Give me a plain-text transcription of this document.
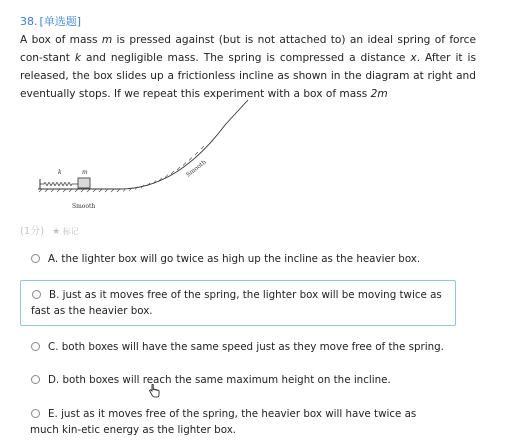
38. [单选题]
A box of mass m is pressed against (but is not attached to) an ideal spring of force con-stant k and negligible mass. The spring is compressed a distance x. After it is released, the box slides up a frictionless incline as shown in the diagram at right and eventually stops. If we repeat this experiment with a box of mass 2m
k	m
Smooth
Smooth
(1分) ★ 标记
A. the lighter box will go twice as high up the incline as the heavier box.
B. just as it moves free of the spring, the lighter box will be moving twice as fast as the heavier box.
C. both boxes will have the same speed just as they move free of the spring.
D. both boxes will reach the same maximum height on the incline.
E. just as it moves free of the spring, the heavier box will have twice as much kin-etic energy as the lighter box.
